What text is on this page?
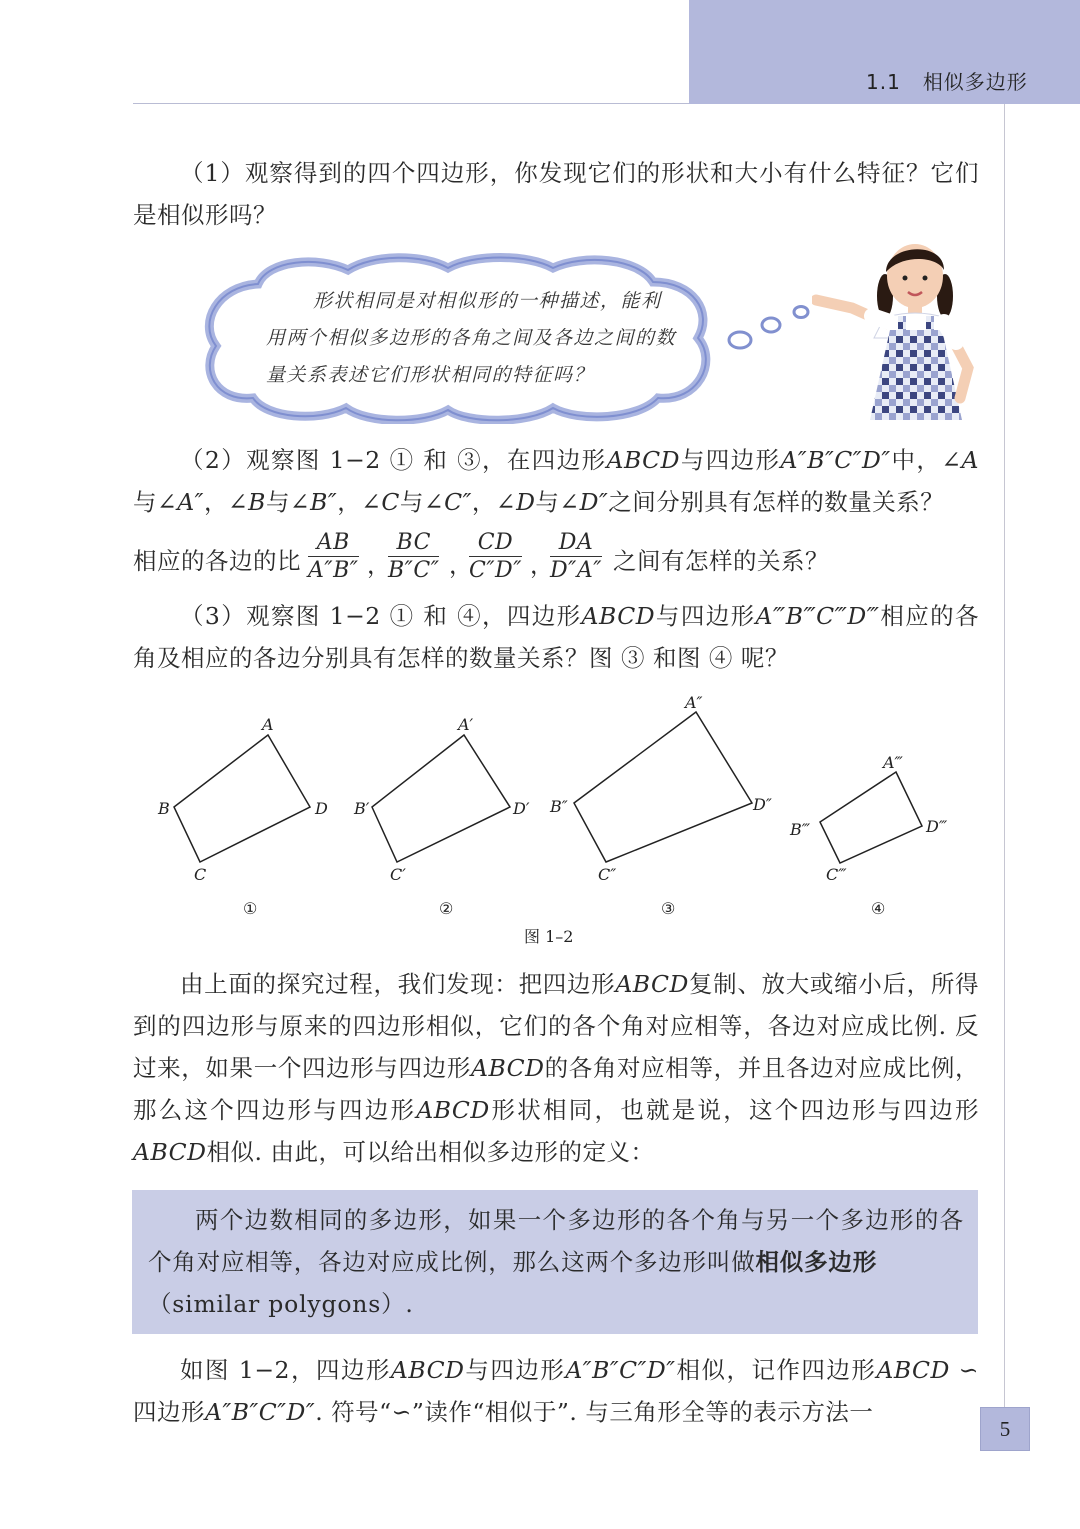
1.1 相似多边形
（1）观察得到的四个四边形，你发现它们的形状和大小有什么特征？它们是相似形吗？
形状相同是对相似形的一种描述，能利用两个相似多边形的各角之间及各边之间的数量关系表述它们形状相同的特征吗？
（2）观察图 1−2 ① 和 ③，在四边形ABCD与四边形A″B″C″D″中，∠A与∠A″，∠B与∠B″，∠C与∠C″，∠D与∠D″之间分别具有怎样的数量关系？
相应的各边的比 $\frac{AB}{A''B''}$ ，
$\frac{BC}{B''C''}$ ，
$\frac{CD}{C''D''}$ ，
$\frac{DA}{D''A''}$ 之间有怎样的关系？
（3）观察图 1−2 ① 和 ④，四边形ABCD与四边形A‴B‴C‴D‴相应的各角及相应的各边分别具有怎样的数量关系？图 ③ 和图 ④ 呢？
A
B
C
D
①
A′
B′
C′
D′
②
A″
B″
C″
D″
③
A‴
B‴
C‴
D‴
④
图 1–2
由上面的探究过程，我们发现：把四边形ABCD复制、放大或缩小后，所得到的四边形与原来的四边形相似，它们的各个角对应相等，各边对应成比例. 反过来，如果一个四边形与四边形ABCD的各角对应相等，并且各边对应成比例，那么这个四边形与四边形ABCD形状相同，也就是说，这个四边形与四边形ABCD相似. 由此，可以给出相似多边形的定义：
两个边数相同的多边形，如果一个多边形的各个角与另一个多边形的各个角对应相等，各边对应成比例，那么这两个多边形叫做相似多边形
（similar polygons）.
如图 1−2，四边形ABCD与四边形A″B″C″D″相似，记作四边形ABCD ∽四边形A″B″C″D″. 符号“∽”读作“相似于”. 与三角形全等的表示方法一
5
